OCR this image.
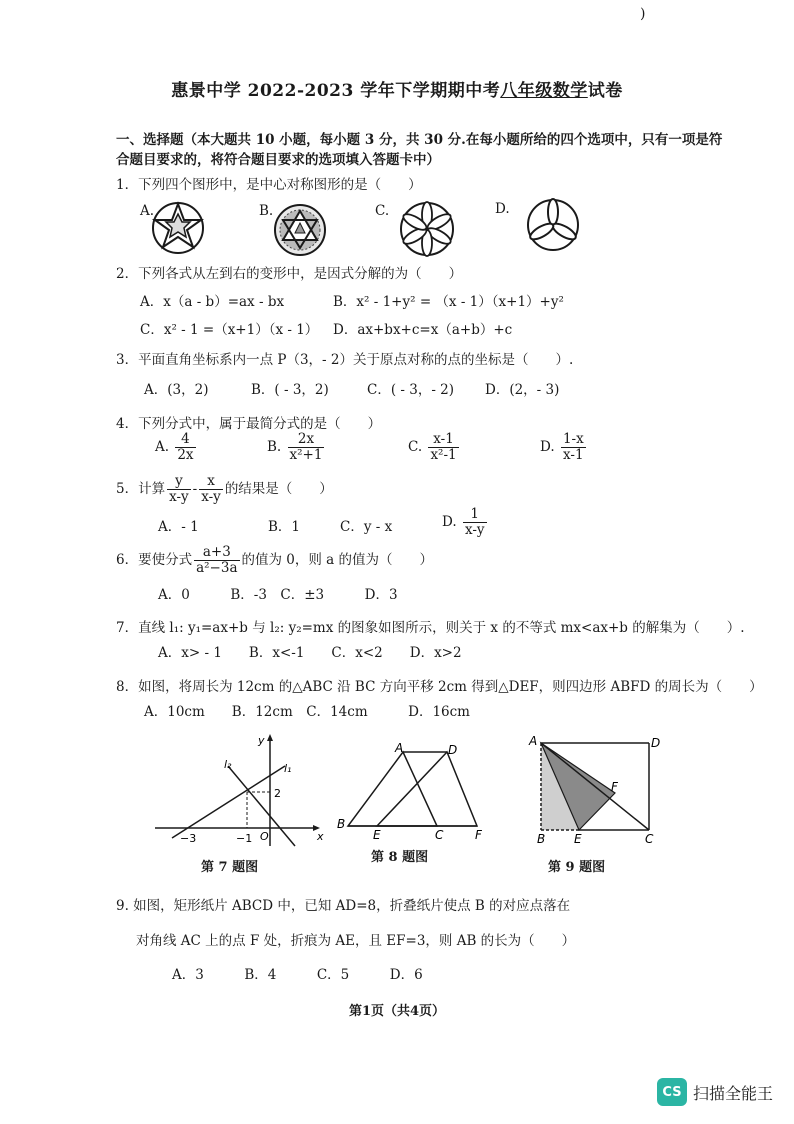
)
惠景中学 2022-2023 学年下学期期中考八年级数学试卷
一、选择题（本大题共 10 小题，每小题 3 分，共 30 分.在每小题所给的四个选项中，只有一项是符
合题目要求的，将符合题目要求的选项填入答题卡中）
1．下列四个图形中，是中心对称图形的是（　　）
A.	B.	C.	D.
2．下列各式从左到右的变形中，是因式分解的为（　　）
A．x（a - b）=ax - bx	B．x² - 1+y² = （x - 1）（x+1）+y²
C．x² - 1 =（x+1）（x - 1） D．ax+bx+c=x（a+b）+c
3．平面直角坐标系内一点 P（3，- 2）关于原点对称的点的坐标是（　　）.
A．(3，2)	B．( - 3，2)	C．( - 3，- 2) D．(2，- 3)
4．下列分式中，属于最简分式的是（　　）
A. $\frac{4}{2x}$	B. $\frac{2x}{\text{x²+1}}$	C. $\frac{x-1}{\text{x²-1}}$	D. $\frac{1-x}{x-1}$
5．计算 $\frac{y}{x-y} - \frac{x}{x-y}$ 的结果是（　　）
A．- 1	B．1	C．y - x	D. $\frac{1}{x-y}$
6．要使分式 $\frac{a+3}{\text{a²−3a}}$ 的值为 0，则 a 的值为（　　）
A．0　　　B．-3　C．±3　　　D．3
7．直线 l₁: y₁=ax+b 与 l₂: y₂=mx 的图象如图所示，则关于 x 的不等式 mx<ax+b 的解集为（　　）.
A．x> - 1　　B．x<-1　　C．x<2　　D．x>2
8．如图，将周长为 12cm 的△ABC 沿 BC 方向平移 2cm 得到△DEF，则四边形 ABFD 的周长为（　　）
A．10cm　　B．12cm　C．14cm　　　D．16cm
y
x
l₁
l₂
2
−3	−1 O
第 7 题图
A	D
B
E	C	F
第 8 题图
A	D
B E	C
F
第 9 题图
9. 如图，矩形纸片 ABCD 中，已知 AD=8，折叠纸片使点 B 的对应点落在
对角线 AC 上的点 F 处，折痕为 AE，且 EF=3，则 AB 的长为（　　）
A．3　　　B．4　　　C．5　　　D．6
第1页（共4页）
CS 扫描全能王
